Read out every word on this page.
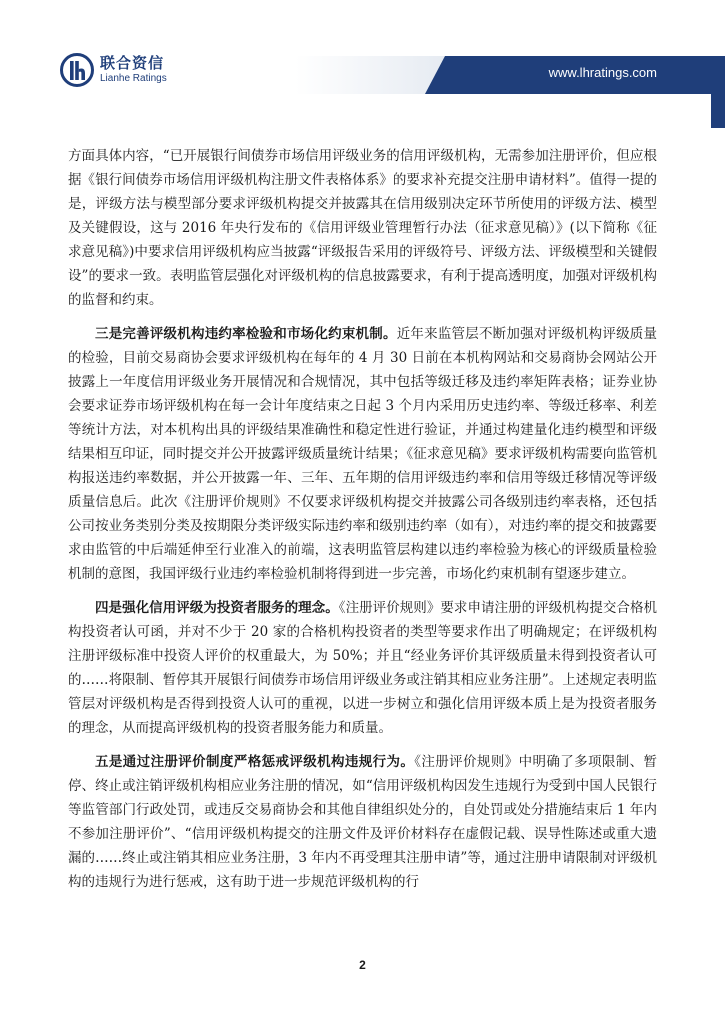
联合资信
Lianhe Ratings	www.lhratings.com

方面具体内容，“已开展银行间债券市场信用评级业务的信用评级机构，无需参加注册评价，但应根据《银行间债券市场信用评级机构注册文件表格体系》的要求补充提交注册申请材料”。值得一提的是，评级方法与模型部分要求评级机构提交并披露其在信用级别决定环节所使用的评级方法、模型及关键假设，这与 2016 年央行发布的《信用评级业管理暂行办法（征求意见稿）》(以下简称《征求意见稿》)中要求信用评级机构应当披露“评级报告采用的评级符号、评级方法、评级模型和关键假设”的要求一致。表明监管层强化对评级机构的信息披露要求，有利于提高透明度，加强对评级机构的监督和约束。

三是完善评级机构违约率检验和市场化约束机制。近年来监管层不断加强对评级机构评级质量的检验，目前交易商协会要求评级机构在每年的 4 月 30 日前在本机构网站和交易商协会网站公开披露上一年度信用评级业务开展情况和合规情况，其中包括等级迁移及违约率矩阵表格；证券业协会要求证券市场评级机构在每一会计年度结束之日起 3 个月内采用历史违约率、等级迁移率、利差等统计方法，对本机构出具的评级结果准确性和稳定性进行验证，并通过构建量化违约模型和评级结果相互印证，同时提交并公开披露评级质量统计结果；《征求意见稿》要求评级机构需要向监管机构报送违约率数据，并公开披露一年、三年、五年期的信用评级违约率和信用等级迁移情况等评级质量信息后。此次《注册评价规则》不仅要求评级机构提交并披露公司各级别违约率表格，还包括公司按业务类别分类及按期限分类评级实际违约率和级别违约率（如有），对违约率的提交和披露要求由监管的中后端延伸至行业准入的前端，这表明监管层构建以违约率检验为核心的评级质量检验机制的意图，我国评级行业违约率检验机制将得到进一步完善，市场化约束机制有望逐步建立。

四是强化信用评级为投资者服务的理念。《注册评价规则》要求申请注册的评级机构提交合格机构投资者认可函，并对不少于 20 家的合格机构投资者的类型等要求作出了明确规定；在评级机构注册评级标准中投资人评价的权重最大，为 50%；并且“经业务评价其评级质量未得到投资者认可的……将限制、暂停其开展银行间债券市场信用评级业务或注销其相应业务注册”。上述规定表明监管层对评级机构是否得到投资人认可的重视，以进一步树立和强化信用评级本质上是为投资者服务的理念，从而提高评级机构的投资者服务能力和质量。

五是通过注册评价制度严格惩戒评级机构违规行为。《注册评价规则》中明确了多项限制、暂停、终止或注销评级机构相应业务注册的情况，如“信用评级机构因发生违规行为受到中国人民银行等监管部门行政处罚，或违反交易商协会和其他自律组织处分的，自处罚或处分措施结束后 1 年内不参加注册评价”、“信用评级机构提交的注册文件及评价材料存在虚假记载、误导性陈述或重大遗漏的……终止或注销其相应业务注册，3 年内不再受理其注册申请”等，通过注册申请限制对评级机构的违规行为进行惩戒，这有助于进一步规范评级机构的行

2
